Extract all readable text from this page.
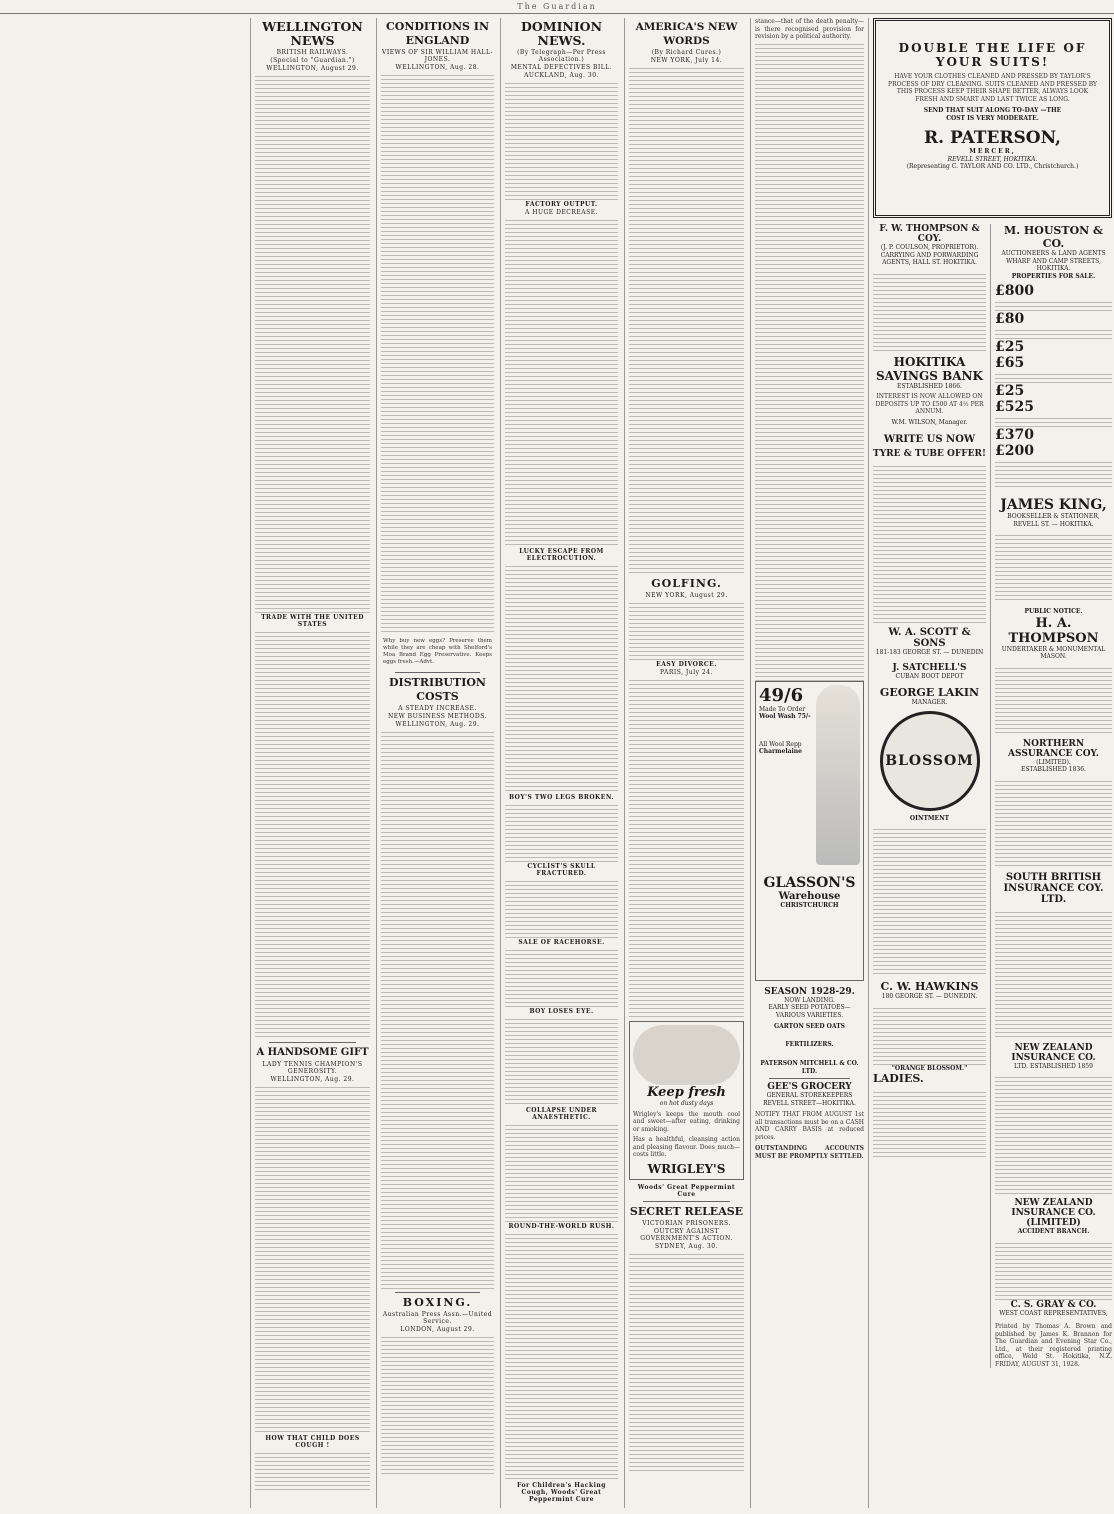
The Guardian
WELLINGTON NEWS
BRITISH RAILWAYS.
(Special to "Guardian.")
WELLINGTON, August 29.
TRADE WITH THE UNITED STATES
A HANDSOME GIFT
LADY TENNIS CHAMPION'S GENEROSITY.
WELLINGTON, Aug. 29.
HOW THAT CHILD DOES COUGH !
CONDITIONS IN ENGLAND
VIEWS OF SIR WILLIAM HALL-JONES.
WELLINGTON, Aug. 28.
Why buy new eggs? Preserve them while they are cheap with Shelford's Moa Brand Egg Preservative. Keeps eggs fresh.—Advt.
DISTRIBUTION COSTS
A STEADY INCREASE.
NEW BUSINESS METHODS.
WELLINGTON, Aug. 29.
BOXING.
Australian Press Assn.—United Service.
LONDON, August 29.
DOMINION NEWS.
(By Telegraph—Per Press Association.)
MENTAL DEFECTIVES BILL.
AUCKLAND, Aug. 30.
FACTORY OUTPUT.
A HUGE DECREASE.
LUCKY ESCAPE FROM ELECTROCUTION.
BOY'S TWO LEGS BROKEN.
CYCLIST'S SKULL FRACTURED.
SALE OF RACEHORSE.
BOY LOSES EYE.
COLLAPSE UNDER ANAESTHETIC.
ROUND-THE-WORLD RUSH.
For Children's Hacking Cough, Woods' Great Peppermint Cure
AMERICA'S NEW WORDS
(By Richard Cures.)
NEW YORK, July 14.
GOLFING.
NEW YORK, August 29.
EASY DIVORCE.
PARIS, July 24.
Keep fresh
on hot dusty days
Wrigley's keeps the mouth cool and sweet—after eating, drinking or smoking.
Has a healthful, cleansing action and pleasing flavour. Does much—costs little.
WRIGLEY'S
Woods' Great Peppermint Cure
SECRET RELEASE
VICTORIAN PRISONERS.
OUTCRY AGAINST GOVERNMENT'S ACTION.
SYDNEY, Aug. 30.
stance—that of the death penalty—is there recognised provision for revision by a political authority.
49/6
Made To Order
Wool Wash 75/-
All Wool Repp
Charmelaine
GLASSON'S
Warehouse
CHRISTCHURCH
SEASON 1928-29.
NOW LANDING.
EARLY SEED POTATOES—VARIOUS VARIETIES.
GARTON SEED OATS
FERTILIZERS.
PATERSON MITCHELL & CO. LTD.
GEE'S GROCERY
GENERAL STOREKEEPERS
REVELL STREET—HOKITIKA.
NOTIFY THAT FROM AUGUST 1st all transactions must be on a CASH AND CARRY BASIS at reduced prices.
OUTSTANDING ACCOUNTS MUST BE PROMPTLY SETTLED.
DOUBLE THE LIFE OF YOUR SUITS!
HAVE YOUR CLOTHES CLEANED AND PRESSED BY TAYLOR'S PROCESS OF DRY CLEANING. SUITS CLEANED AND PRESSED BY THIS PROCESS KEEP THEIR SHAPE BETTER, ALWAYS LOOK FRESH AND SMART AND LAST TWICE AS LONG.
SEND THAT SUIT ALONG TO-DAY —THE COST IS VERY MODERATE.
R. PATERSON,
MERCER,
REVELL STREET, HOKITIKA.
(Representing C. TAYLOR AND CO. LTD., Christchurch.)
F. W. THOMPSON & COY.
(J. P. COULSON, PROPRIETOR).
CARRYING AND FORWARDING AGENTS, HALL ST. HOKITIKA.
HOKITIKA SAVINGS BANK
ESTABLISHED 1866.
INTEREST IS NOW ALLOWED ON DEPOSITS UP TO £500 AT 4½ PER ANNUM.
W.M. WILSON, Manager.
WRITE US NOW
TYRE & TUBE OFFER!
W. A. SCOTT & SONS
181-183 GEORGE ST. — DUNEDIN
J. SATCHELL'S
CUBAN BOOT DEPOT
GEORGE LAKIN
MANAGER.
BLOSSOM
OINTMENT
C. W. HAWKINS
180 GEORGE ST. — DUNEDIN.
"ORANGE BLOSSOM."
LADIES.
M. HOUSTON & CO.
AUCTIONEERS & LAND AGENTS
WHARF AND CAMP STREETS, HOKITIKA.
PROPERTIES FOR SALE.
£800
£80
£25
£65
£25
£525
£370
£200
JAMES KING,
BOOKSELLER & STATIONER,
REVELL ST. — HOKITIKA.
PUBLIC NOTICE.
H. A. THOMPSON
UNDERTAKER & MONUMENTAL MASON.
NORTHERN ASSURANCE COY.
(LIMITED).
ESTABLISHED 1836.
SOUTH BRITISH INSURANCE COY. LTD.
NEW ZEALAND INSURANCE CO.
LTD. ESTABLISHED 1859
NEW ZEALAND INSURANCE CO. (LIMITED)
ACCIDENT BRANCH.
C. S. GRAY & CO.
WEST COAST REPRESENTATIVES,
Printed by Thomas A. Brown and published by James K. Brannon for The Guardian and Evening Star Co., Ltd., at their registered printing office, Weld St. Hokitika, N.Z. FRIDAY, AUGUST 31, 1928.
